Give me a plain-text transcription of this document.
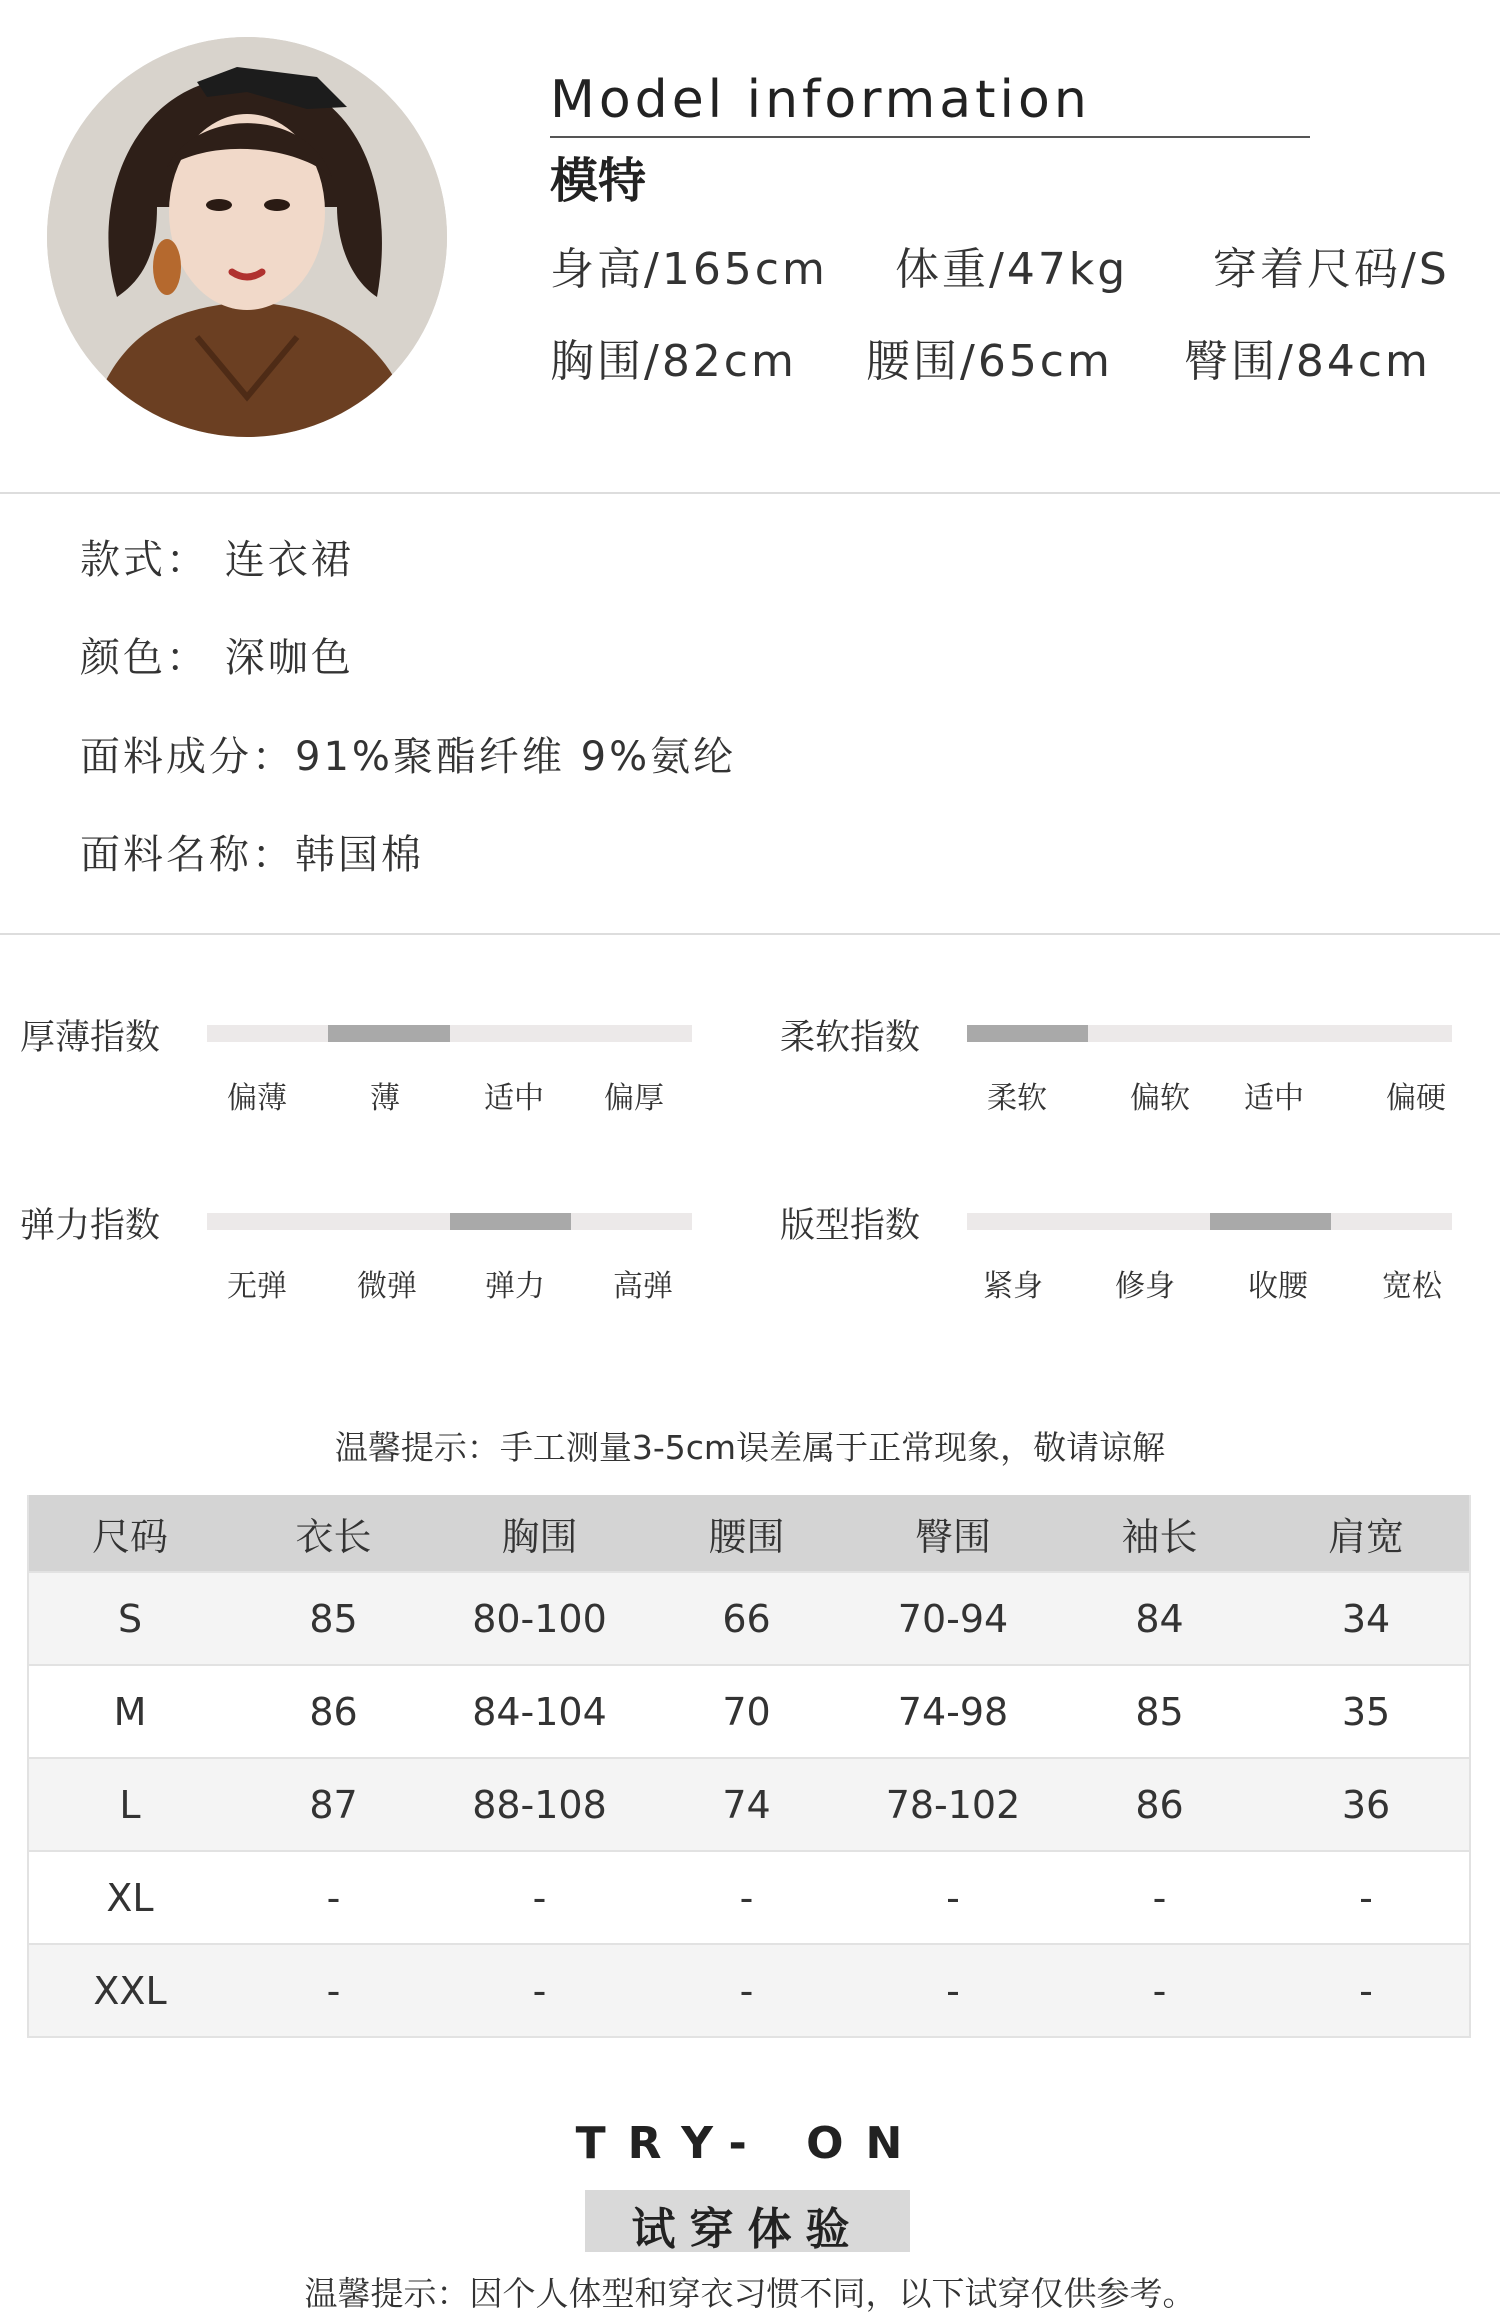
Model information
模特
身高/165cm 体重/47kg 穿着尺码/S
胸围/82cm 腰围/65cm 臀围/84cm
款式： 连衣裙
颜色： 深咖色
面料成分：91%聚酯纤维 9%氨纶
面料名称：韩国棉
厚薄指数
偏薄	薄	适中 偏厚
柔软指数
柔软	偏软 适中	偏硬
弹力指数
无弹 微弹 弹力 高弹
版型指数
紧身 修身 收腰 宽松
温馨提示：手工测量3-5cm误差属于正常现象，敬请谅解
尺码	衣长	胸围	腰围	臀围	袖长	肩宽
S	85	80-100	66	70-94	84	34
M	86	84-104	70	74-98	85	35
L	87	88-108	74	78-102	86	36
XL	-	-	-	-	-	-
XXL	-	-	-	-	-	-
TRY- ON
试穿体验
温馨提示：因个人体型和穿衣习惯不同，以下试穿仅供参考。
